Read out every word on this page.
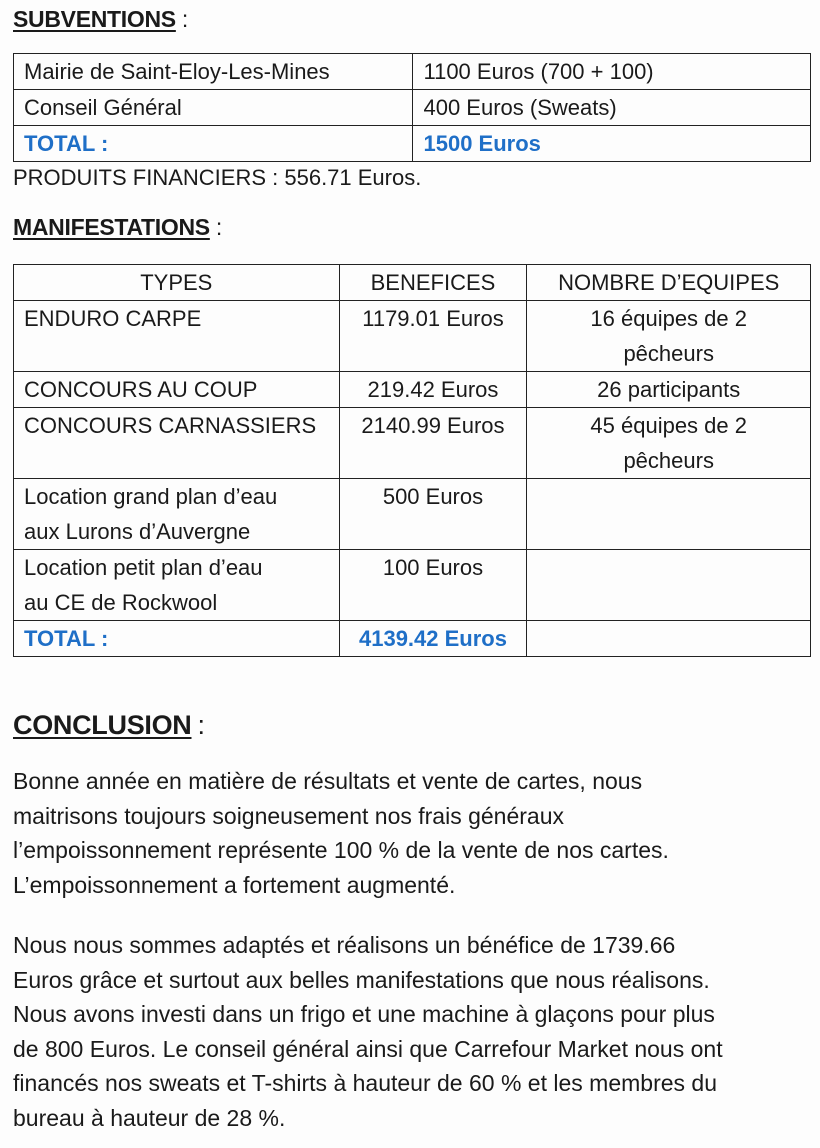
SUBVENTIONS :
Mairie de Saint-Eloy-Les-Mines	1100 Euros (700 + 100)
Conseil Général	400 Euros (Sweats)
TOTAL :	1500 Euros
PRODUITS FINANCIERS : 556.71 Euros.
MANIFESTATIONS :
TYPES	BENEFICES	NOMBRE D’EQUIPES

ENDURO CARPE	1179.01 Euros	16 équipes de 2
pêcheurs

CONCOURS AU COUP	219.42 Euros	26 participants

CONCOURS CARNASSIERS	2140.99 Euros	45 équipes de 2
pêcheurs

Location grand plan d’eau
aux Lurons d’Auvergne	500 Euros	

Location petit plan d’eau
au CE de Rockwool	100 Euros	
TOTAL :	4139.42 Euros	
CONCLUSION :
Bonne année en matière de résultats et vente de cartes, nous
maitrisons toujours soigneusement nos frais généraux
l’empoissonnement représente 100 % de la vente de nos cartes.
L’empoissonnement a fortement augmenté.
Nous nous sommes adaptés et réalisons un bénéfice de 1739.66
Euros grâce et surtout aux belles manifestations que nous réalisons.
Nous avons investi dans un frigo et une machine à glaçons pour plus
de 800 Euros. Le conseil général ainsi que Carrefour Market nous ont
financés nos sweats et T-shirts à hauteur de 60 % et les membres du
bureau à hauteur de 28 %.
